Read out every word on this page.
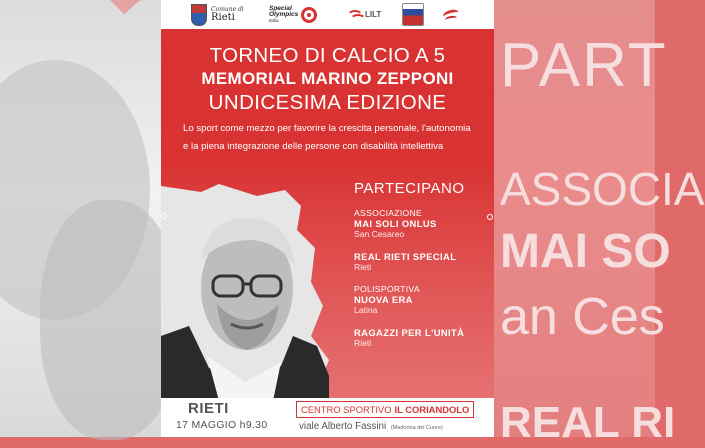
PART
ASSOCIA
MAI SO
an Ces
REAL RI
Comune di
Rieti
Special
Olympics
Italia
LILT
TORNEO DI CALCIO A 5
MEMORIAL MARINO ZEPPONI
UNDICESIMA EDIZIONE
Lo sport come mezzo per favorire la crescita personale, l'autonomia
e la piena integrazione delle persone con disabilità intellettiva
PARTECIPANO
ASSOCIAZIONE
MAI SOLI ONLUS
San Cesareo
REAL RIETI SPECIAL
Rieti
POLISPORTIVA
NUOVA ERA
Latina
RAGAZZI PER L'UNITÀ
Rieti
RIETI
17 MAGGIO h9.30
CENTRO SPORTIVO IL CORIANDOLO
viale Alberto Fassini (Madonna del Cuore)
